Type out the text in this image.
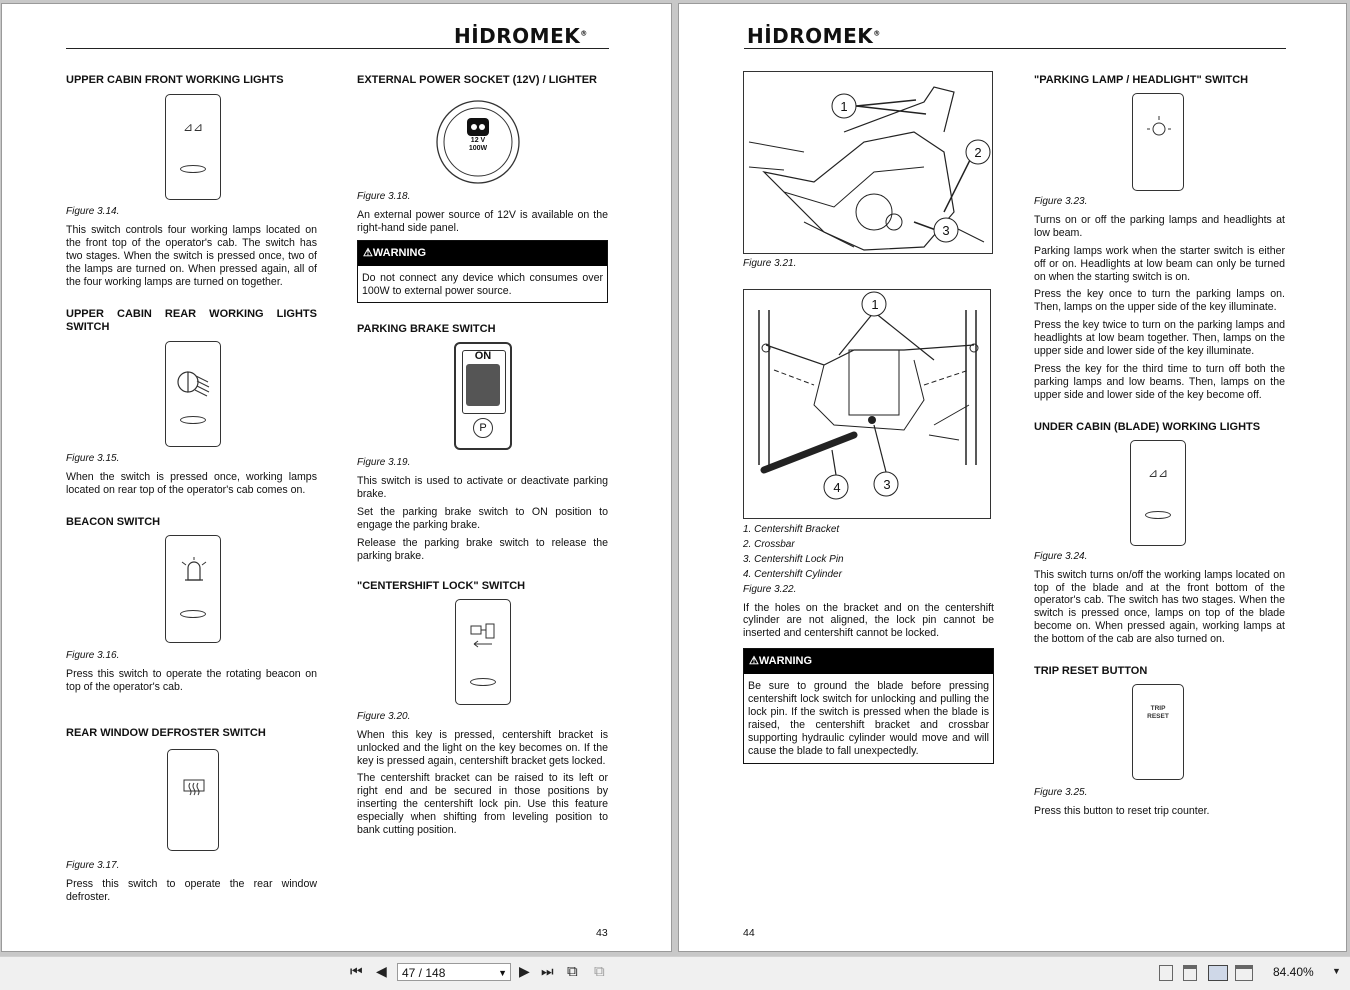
HİDROMEK®

UPPER CABIN FRONT WORKING LIGHTS

⊿⊿

Figure 3.14.

This switch controls four working lamps located on the front top of the operator's cab. The switch has two stages. When the switch is pressed once, two of the lamps are turned on. When pressed again, all of the four working lamps are turned on together.

UPPER CABIN REAR WORKING LIGHTS SWITCH

Figure 3.15.

When the switch is pressed once, working lamps located on rear top of the operator's cab comes on.

BEACON SWITCH

Figure 3.16.

Press this switch to operate the rotating beacon on top of the operator's cab.

REAR WINDOW DEFROSTER SWITCH

Figure 3.17.

Press this switch to operate the rear window defroster.

EXTERNAL POWER SOCKET (12V) / LIGHTER

12 V
100W

Figure 3.18.

An external power source of 12V is available on the right-hand side panel.

⚠WARNING
Do not connect any device which consumes over 100W to external power source.

PARKING BRAKE SWITCH

ON
P

Figure 3.19.

This switch is used to activate or deactivate parking brake.

Set the parking brake switch to ON position to engage the parking brake.

Release the parking brake switch to release the parking brake.

"CENTERSHIFT LOCK" SWITCH

Figure 3.20.

When this key is pressed, centershift bracket is unlocked and the light on the key becomes on. If the key is pressed again, centershift bracket gets locked.

The centershift bracket can be raised to its left or right end and be secured in those positions by inserting the centershift lock pin. Use this feature especially when shifting from leveling position to bank cutting position.

43
HİDROMEK®
1
2
3

Figure 3.21.

1
4	3

1. Centershift Bracket

2. Crossbar

3. Centershift Lock Pin

4. Centershift Cylinder

Figure 3.22.

If the holes on the bracket and on the centershift cylinder are not aligned, the lock pin cannot be inserted and centershift cannot be locked.

⚠WARNING
Be sure to ground the blade before pressing centershift lock switch for unlocking and pulling the lock pin. If the switch is pressed when the blade is raised, the centershift bracket and crossbar supporting hydraulic cylinder would move and will cause the blade to fall unexpectedly.

"PARKING LAMP / HEADLIGHT" SWITCH

Figure 3.23.

Turns on or off the parking lamps and headlights at low beam.

Parking lamps work when the starter switch is either off or on. Headlights at low beam can only be turned on when the starting switch is on.

Press the key once to turn the parking lamps on. Then, lamps on the upper side of the key illuminate.

Press the key twice to turn on the parking lamps and headlights at low beam together. Then, lamps on the upper side and lower side of the key illuminate.

Press the key for the third time to turn off both the parking lamps and low beams. Then, lamps on the upper side and lower side of the key become off.

UNDER CABIN (BLADE) WORKING LIGHTS

⊿⊿

Figure 3.24.

This switch turns on/off the working lamps located on top of the blade and at the front bottom of the operator's cab. The switch has two stages. When the switch is pressed once, lamps on top of the blade become on. When pressed again, working lamps at the bottom of the cab are also turned on.

TRIP RESET BUTTON

TRIP
RESET

Figure 3.25.

Press this button to reset trip counter.

44
⏮ ◀	47 / 148	▼ ▶ ⏭ ⧉ ⧉	84.40% ▼
